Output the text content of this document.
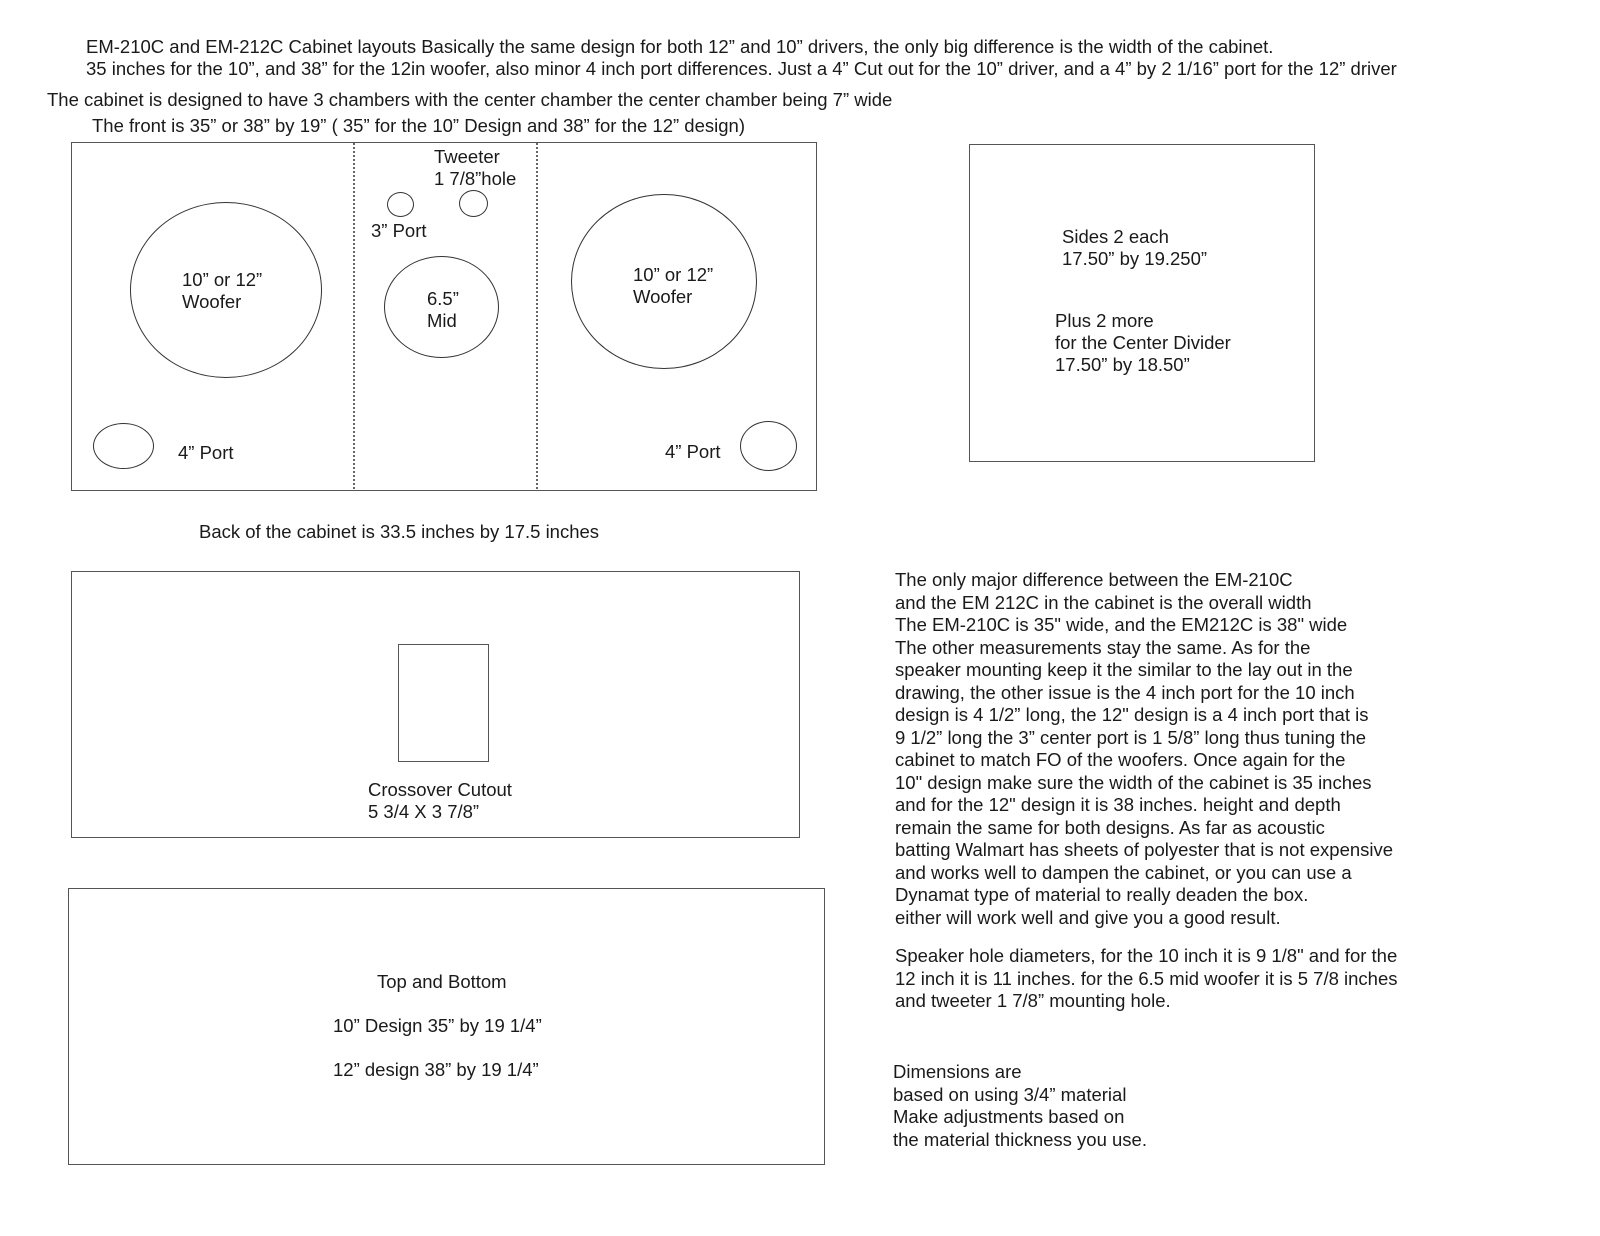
EM-210C and EM-212C Cabinet layouts Basically the same design for both 12” and 10” drivers, the only big difference is the width of the cabinet.
35 inches for the 10”, and 38” for the 12in woofer, also minor 4 inch port differences. Just a 4” Cut out for the 10” driver, and a 4” by 2 1/16” port for the 12” driver
The cabinet is designed to have 3 chambers with the center chamber the center chamber being 7” wide
The front is 35” or 38” by 19” ( 35” for the 10” Design and 38” for the 12” design)
Tweeter
1 7/8”hole
3” Port
10” or 12”
Woofer	6.5”
Mid
10” or 12”
Woofer
4” Port	4” Port
Sides 2 each
17.50” by 19.250”
Plus 2 more
for the Center Divider
17.50” by 18.50”
Back of the cabinet is 33.5 inches by 17.5 inches
Crossover Cutout
5 3/4 X 3 7/8”
Top and Bottom
10” Design 35” by 19 1/4”
12” design 38” by 19 1/4”
The only major difference between the EM-210C
and the EM 212C in the cabinet is the overall width
The EM-210C is 35" wide, and the EM212C is 38" wide
The other measurements stay the same. As for the
speaker mounting keep it the similar to the lay out in the
drawing, the other issue is the 4 inch port for the 10 inch
design is 4 1/2” long, the 12" design is a 4 inch port that is
9 1/2” long the 3” center port is 1 5/8” long thus tuning the
cabinet to match FO of the woofers. Once again for the
10" design make sure the width of the cabinet is 35 inches
and for the 12" design it is 38 inches. height and depth
remain the same for both designs. As far as acoustic
batting Walmart has sheets of polyester that is not expensive
and works well to dampen the cabinet, or you can use a
Dynamat type of material to really deaden the box.
either will work well and give you a good result.
Speaker hole diameters, for the 10 inch it is 9 1/8" and for the
12 inch it is 11 inches. for the 6.5 mid woofer it is 5 7/8 inches
and tweeter 1 7/8” mounting hole.
Dimensions are
based on using 3/4” material
Make adjustments based on
the material thickness you use.
